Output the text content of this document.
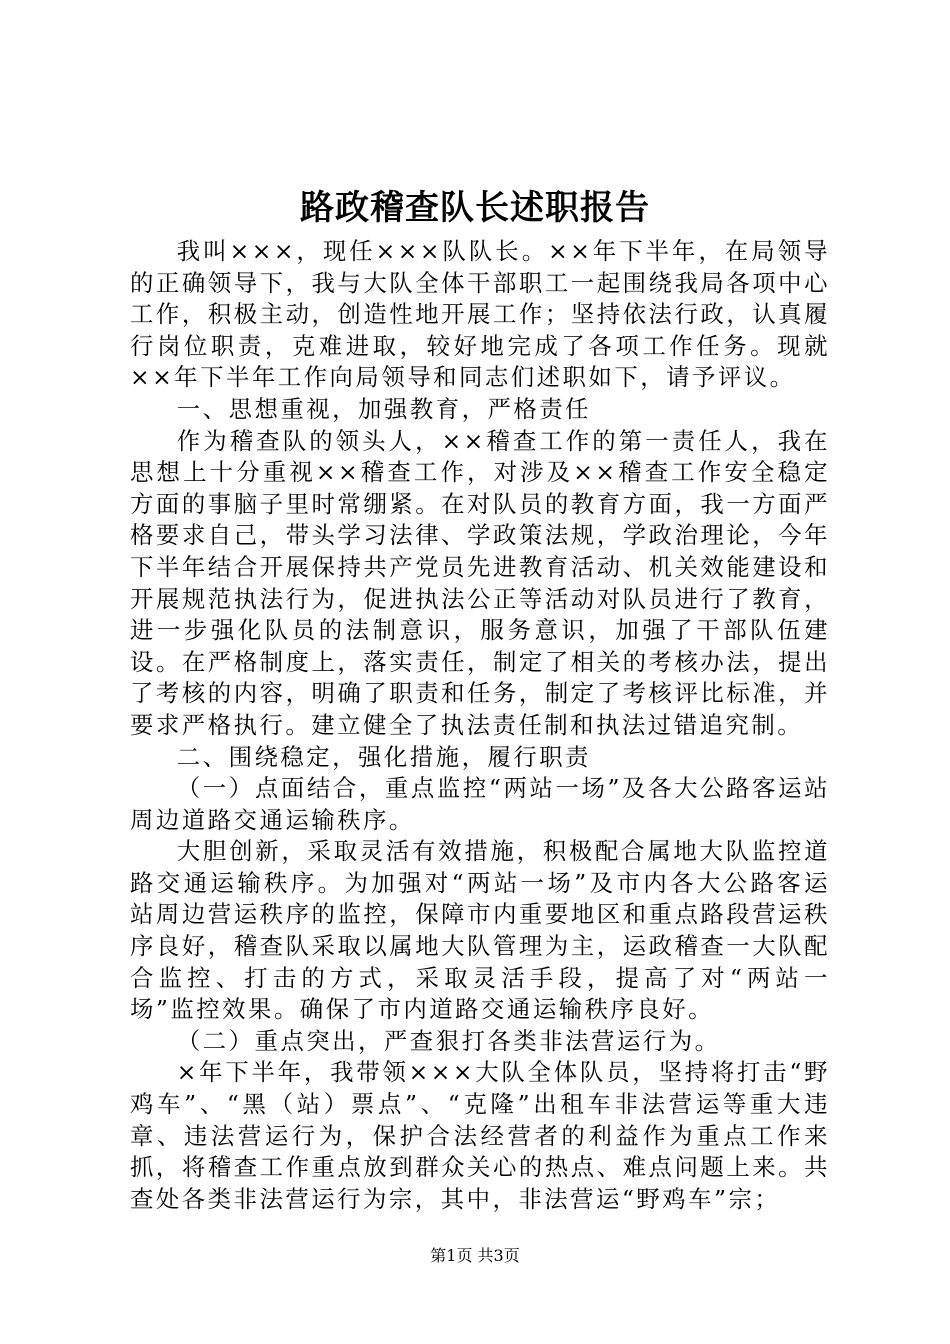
路政稽查队长述职报告

我叫×××，现任×××队队长。××年下半年，在局领导的正确领导下，我与大队全体干部职工一起围绕我局各项中心工作，积极主动，创造性地开展工作；坚持依法行政，认真履行岗位职责，克难进取，较好地完成了各项工作任务。现就××年下半年工作向局领导和同志们述职如下，请予评议。

一、思想重视，加强教育，严格责任

作为稽查队的领头人，××稽查工作的第一责任人，我在思想上十分重视××稽查工作，对涉及××稽查工作安全稳定方面的事脑子里时常绷紧。在对队员的教育方面，我一方面严格要求自己，带头学习法律、学政策法规，学政治理论，今年下半年结合开展保持共产党员先进教育活动、机关效能建设和开展规范执法行为，促进执法公正等活动对队员进行了教育，进一步强化队员的法制意识，服务意识，加强了干部队伍建设。在严格制度上，落实责任，制定了相关的考核办法，提出了考核的内容，明确了职责和任务，制定了考核评比标准，并要求严格执行。建立健全了执法责任制和执法过错追究制。

二、围绕稳定，强化措施，履行职责

（一）点面结合，重点监控“两站一场”及各大公路客运站周边道路交通运输秩序。

大胆创新，采取灵活有效措施，积极配合属地大队监控道路交通运输秩序。为加强对“两站一场”及市内各大公路客运站周边营运秩序的监控，保障市内重要地区和重点路段营运秩序良好，稽查队采取以属地大队管理为主，运政稽查一大队配合监控、打击的方式，采取灵活手段，提高了对“两站一场”监控效果。确保了市内道路交通运输秩序良好。

（二）重点突出，严查狠打各类非法营运行为。

×年下半年，我带领×××大队全体队员，坚持将打击“野鸡车”、“黑（站）票点”、“克隆”出租车非法营运等重大违章、违法营运行为，保护合法经营者的利益作为重点工作来抓，将稽查工作重点放到群众关心的热点、难点问题上来。共查处各类非法营运行为宗，其中，非法营运“野鸡车”宗；

第1页 共3页
